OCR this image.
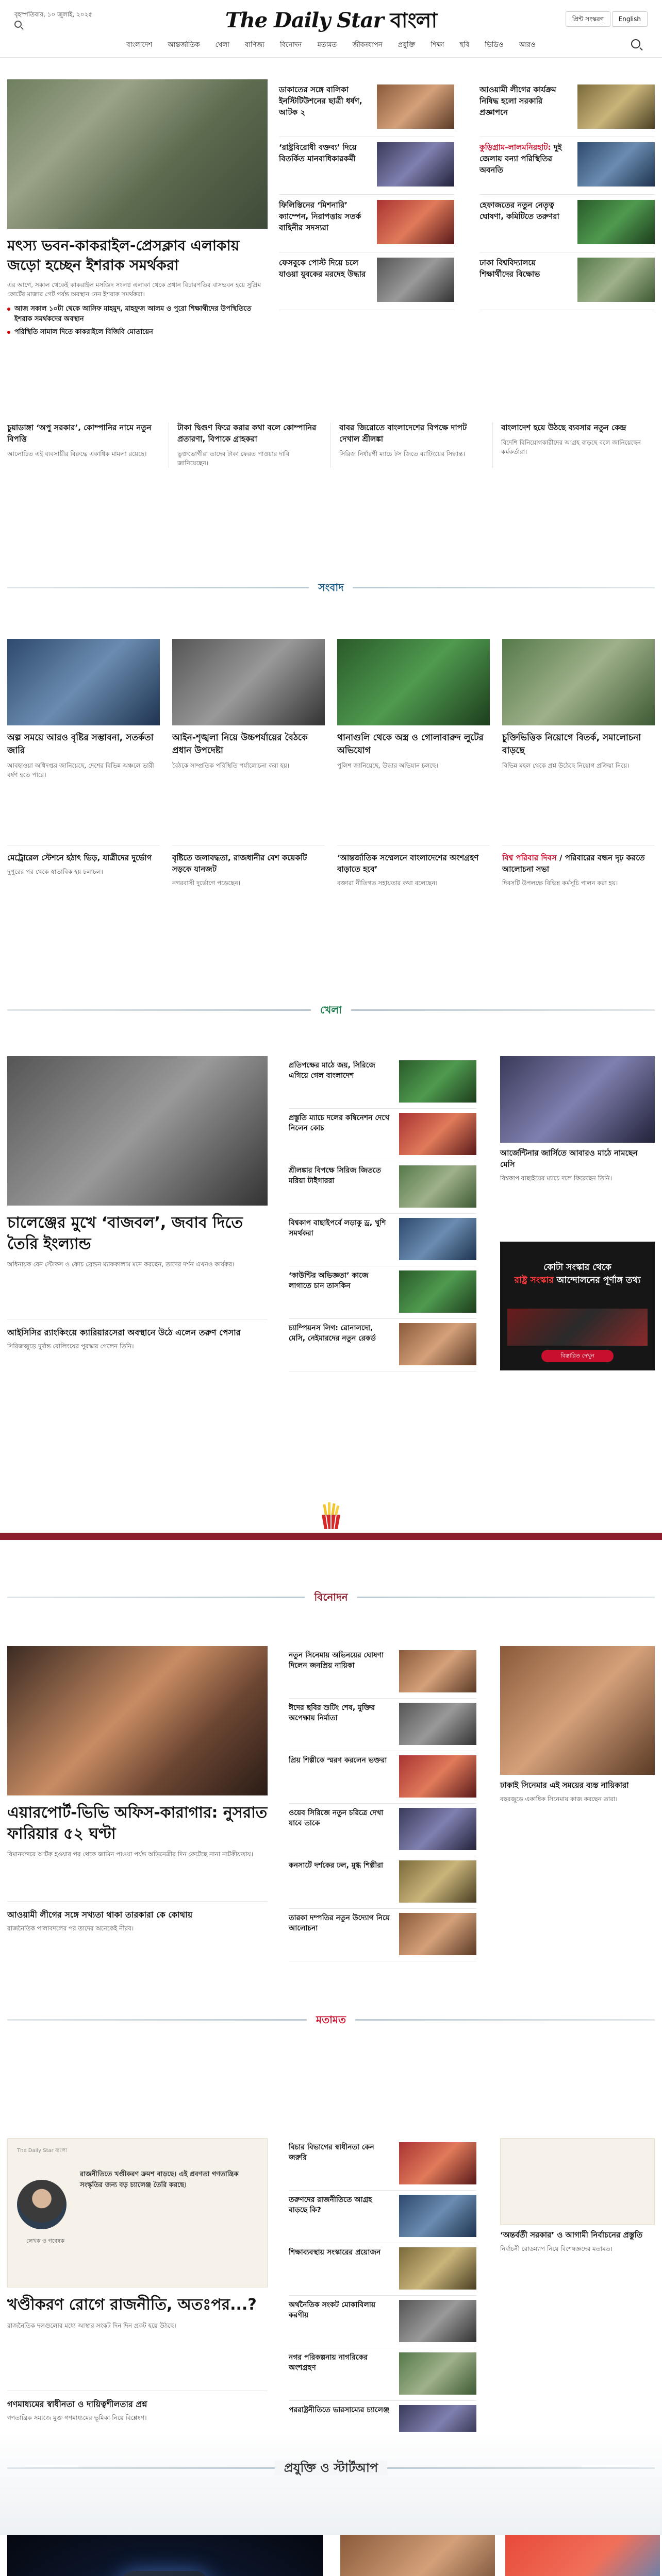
বৃহস্পতিবার, ১০ জুলাই, ২০২৫	The Daily Star বাংলা	প্রিন্ট সংস্করণ	English
বাংলাদেশ আন্তর্জাতিক খেলা বাণিজ্য বিনোদন মতামত জীবনযাপন প্রযুক্তি শিক্ষা ছবি ভিডিও আরও
মৎস্য ভবন-কাকরাইল-প্রেসক্লাব এলাকায় জড়ো হচ্ছেন ইশরাক সমর্থকরা
এর আগে, সকাল থেকেই কাকরাইল মসজিদ সংলগ্ন এলাকা থেকে প্রধান বিচারপতির বাসভবন হয়ে সুপ্রিম কোর্টের মাজার গেট পর্যন্ত অবস্থান নেন ইশরাক সমর্থকরা।
আজ সকাল ১০টা থেকে আসিফ মাহমুদ, মাহফুজ আলম ও পুরো শিক্ষার্থীদের উপস্থিতিতে ইশরাক সমর্থকদের অবস্থান
পরিস্থিতি সামাল দিতে কাকরাইলে বিজিবি মোতায়েন
ডাকাতের সঙ্গে বালিকা ইনস্টিটিউশনের ছাত্রী ধর্ষণ, আটক ২
‘রাষ্ট্রবিরোধী বক্তব্য’ দিয়ে বিতর্কিত মানবাধিকারকর্মী
ফিলিস্তিনের ‘মিশনারি’ ক্যাম্পেন, নিরাপত্তায় সতর্ক বাহিনীর সদস্যরা
ফেসবুকে পোস্ট দিয়ে চলে যাওয়া যুবকের মরদেহ উদ্ধার
আওয়ামী লীগের কার্যক্রম নিষিদ্ধ হলো সরকারি প্রজ্ঞাপনে
কুড়িগ্রাম-লালমনিরহাট: দুই জেলায় বন্যা পরিস্থিতির অবনতি
হেফাজতের নতুন নেতৃত্ব ঘোষণা, কমিটিতে তরুণরা
ঢাকা বিশ্ববিদ্যালয়ে শিক্ষার্থীদের বিক্ষোভ
চুয়াডাঙ্গা ‘অপু সরকার’, কোম্পানির নামে নতুন বিপত্তি
আলোচিত এই ব্যবসায়ীর বিরুদ্ধে একাধিক মামলা রয়েছে।
টাকা দ্বিগুণ ফিরে করার কথা বলে কোম্পানির প্রতারণা, বিপাকে গ্রাহকরা
ভুক্তভোগীরা তাদের টাকা ফেরত পাওয়ার দাবি জানিয়েছেন।
বাবর জিরোতে বাংলাদেশের বিপক্ষে দাপট দেখাল শ্রীলঙ্কা
সিরিজ নির্ধারণী ম্যাচে টস জিতে ব্যাটিংয়ের সিদ্ধান্ত।
বাংলাদেশ হয়ে উঠছে ব্যবসার নতুন কেন্দ্র
বিদেশি বিনিয়োগকারীদের আগ্রহ বাড়ছে বলে জানিয়েছেন কর্মকর্তারা।
সংবাদ
অল্প সময়ে আরও বৃষ্টির সম্ভাবনা, সতর্কতা জারি
আবহাওয়া অধিদপ্তর জানিয়েছে, দেশের বিভিন্ন অঞ্চলে ভারী বর্ষণ হতে পারে।
আইন-শৃঙ্খলা নিয়ে উচ্চপর্যায়ের বৈঠকে প্রধান উপদেষ্টা
বৈঠকে সাম্প্রতিক পরিস্থিতি পর্যালোচনা করা হয়।
থানাগুলি থেকে অস্ত্র ও গোলাবারুদ লুটের অভিযোগ
পুলিশ জানিয়েছে, উদ্ধার অভিযান চলছে।
চুক্তিভিত্তিক নিয়োগে বিতর্ক, সমালোচনা বাড়ছে
বিভিন্ন মহল থেকে প্রশ্ন উঠেছে নিয়োগ প্রক্রিয়া নিয়ে।
মেট্রোরেল স্টেশনে হঠাৎ ভিড়, যাত্রীদের দুর্ভোগ
দুপুরের পর থেকে স্বাভাবিক হয় চলাচল।
বৃষ্টিতে জলাবদ্ধতা, রাজধানীর বেশ কয়েকটি সড়কে যানজট
নগরবাসী দুর্ভোগে পড়েছেন।
‘আন্তর্জাতিক সম্মেলনে বাংলাদেশের অংশগ্রহণ বাড়াতে হবে’
বক্তারা নীতিগত সহায়তার কথা বলেছেন।
বিশ্ব পরিবার দিবস / পরিবারের বন্ধন দৃঢ় করতে আলোচনা সভা
দিবসটি উপলক্ষে বিভিন্ন কর্মসূচি পালন করা হয়।
খেলা
চালেঞ্জের মুখে ‘বাজবল’, জবাব দিতে তৈরি ইংল্যান্ড
অধিনায়ক বেন স্টোকস ও কোচ ব্রেন্ডন ম্যাককালাম মনে করছেন, তাদের দর্শন এখনও কার্যকর।
আইসিসির র‍্যাংকিংয়ে ক্যারিয়ারসেরা অবস্থানে উঠে এলেন তরুণ পেসার
সিরিজজুড়ে দুর্দান্ত বোলিংয়ের পুরস্কার পেলেন তিনি।
প্রতিপক্ষের মাঠে জয়, সিরিজে এগিয়ে গেল বাংলাদেশ
প্রস্তুতি ম্যাচে দলের কম্বিনেশন দেখে নিলেন কোচ
শ্রীলঙ্কার বিপক্ষে সিরিজ জিততে মরিয়া টাইগাররা
বিশ্বকাপ বাছাইপর্বে লড়াকু ড্র, খুশি সমর্থকরা
‘কাউন্টির অভিজ্ঞতা’ কাজে লাগাতে চান তাসকিন
চ্যাম্পিয়নস লিগ: রোনালদো, মেসি, নেইমারদের নতুন রেকর্ড
আর্জেন্টিনার জার্সিতে আবারও মাঠে নামছেন মেসি
বিশ্বকাপ বাছাইয়ের ম্যাচে দলে ফিরেছেন তিনি।
কোটা সংস্কার থেকে
রাষ্ট্র সংস্কার আন্দোলনের পূর্ণাঙ্গ তথ্য
বিস্তারিত দেখুন
বিনোদন
এয়ারপোর্ট-ভিভি অফিস-কারাগার: নুসরাত ফারিয়ার ৫২ ঘণ্টা
বিমানবন্দরে আটক হওয়ার পর থেকে জামিন পাওয়া পর্যন্ত অভিনেত্রীর দিন কেটেছে নানা নাটকীয়তায়।
আওয়ামী লীগের সঙ্গে সখ্যতা থাকা তারকারা কে কোথায়
রাজনৈতিক পালাবদলের পর তাদের অনেকেই নীরব।
নতুন সিনেমায় অভিনয়ের ঘোষণা দিলেন জনপ্রিয় নায়িকা
ঈদের ছবির শুটিং শেষ, মুক্তির অপেক্ষায় নির্মাতা
প্রিয় শিল্পীকে স্মরণ করলেন ভক্তরা
ওয়েব সিরিজে নতুন চরিত্রে দেখা যাবে তাকে
কনসার্টে দর্শকের ঢল, মুগ্ধ শিল্পীরা
তারকা দম্পতির নতুন উদ্যোগ নিয়ে আলোচনা
ঢাকাই সিনেমার এই সময়ের ব্যস্ত নায়িকারা
বছরজুড়ে একাধিক সিনেমায় কাজ করছেন তারা।
মতামত
The Daily Star বাংলা
রাজনীতিতে খণ্ডীকরণ ক্রমশ বাড়ছে। এই প্রবণতা গণতান্ত্রিক সংস্কৃতির জন্য বড় চ্যালেঞ্জ তৈরি করছে।
লেখক ও গবেষক
খণ্ডীকরণ রোগে রাজনীতি, অতঃপর...?
রাজনৈতিক দলগুলোর মধ্যে আস্থার সংকট দিন দিন প্রকট হয়ে উঠছে।
গণমাধ্যমের স্বাধীনতা ও দায়িত্বশীলতার প্রশ্ন
গণতান্ত্রিক সমাজে মুক্ত গণমাধ্যমের ভূমিকা নিয়ে বিশ্লেষণ।
বিচার বিভাগের স্বাধীনতা কেন জরুরি
তরুণদের রাজনীতিতে আগ্রহ বাড়ছে কি?
শিক্ষাব্যবস্থায় সংস্কারের প্রয়োজন
অর্থনৈতিক সংকট মোকাবিলায় করণীয়
নগর পরিকল্পনায় নাগরিকের অংশগ্রহণ
পররাষ্ট্রনীতিতে ভারসাম্যের চ্যালেঞ্জ
‘অন্তর্বর্তী সরকার’ ও আগামী নির্বাচনের প্রস্তুতি
নির্বাচনী রোডম্যাপ নিয়ে বিশেষজ্ঞদের মতামত।
প্রযুক্তি ও স্টার্টআপ
